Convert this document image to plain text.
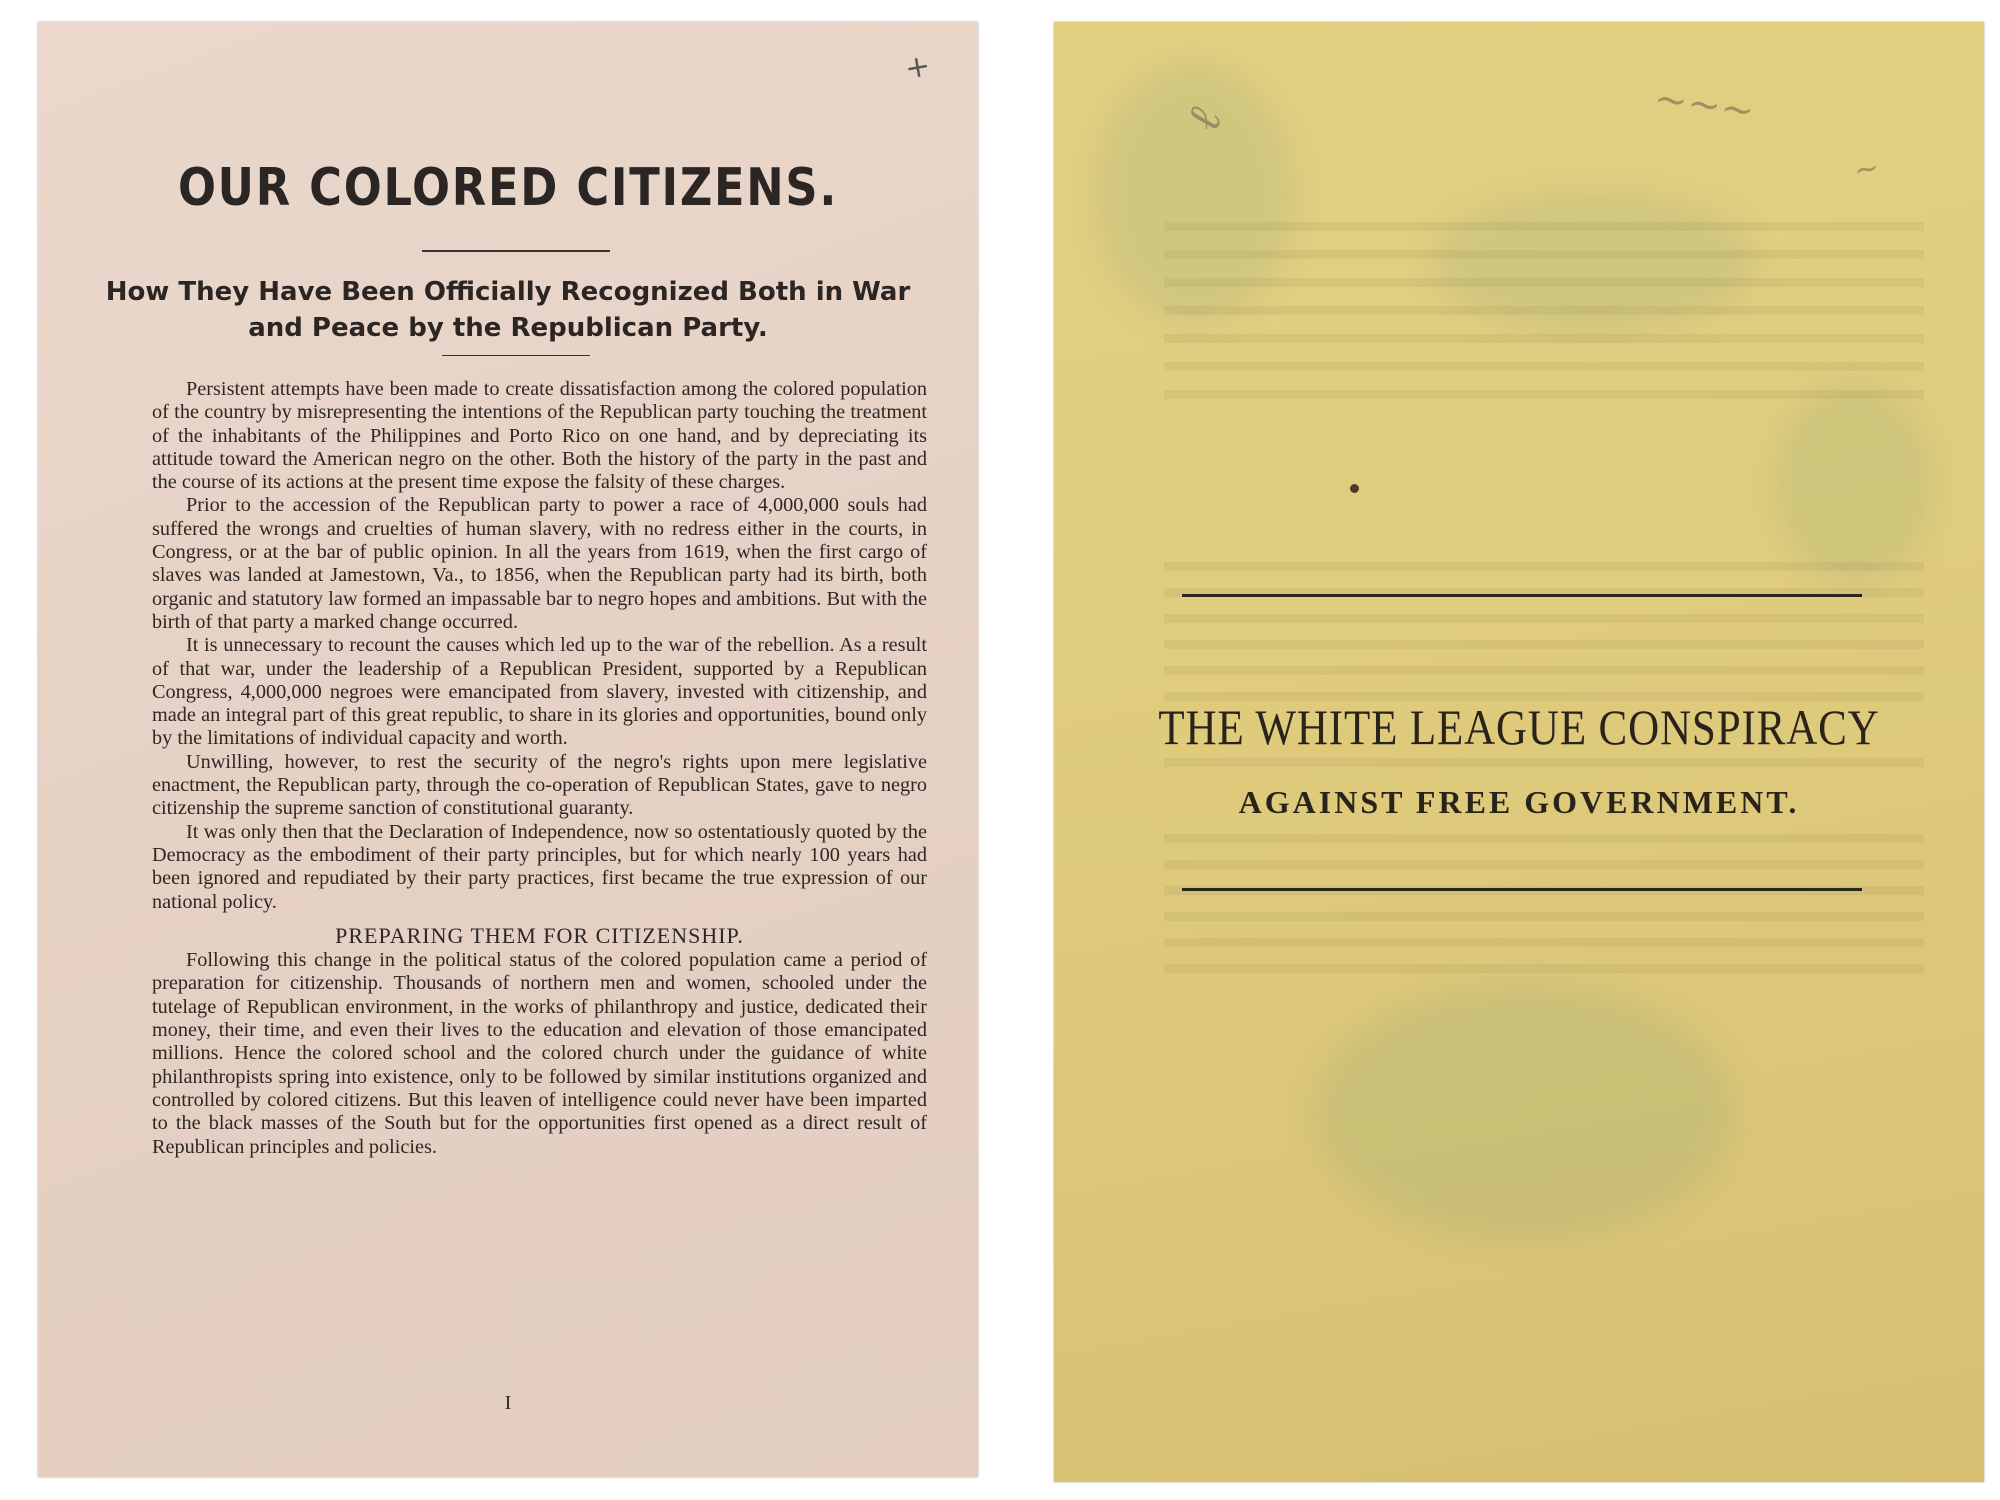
+
OUR COLORED CITIZENS.
How They Have Been Officially Recognized Both in War and Peace by the Republican Party.

Persistent attempts have been made to create dissatisfaction among the colored population of the country by misrepresenting the intentions of the Republican party touching the treatment of the inhabitants of the Philippines and Porto Rico on one hand, and by depreciating its attitude toward the American negro on the other. Both the history of the party in the past and the course of its actions at the present time expose the falsity of these charges.

Prior to the accession of the Republican party to power a race of 4,000,000 souls had suffered the wrongs and cruelties of human slavery, with no redress either in the courts, in Congress, or at the bar of public opinion. In all the years from 1619, when the first cargo of slaves was landed at Jamestown, Va., to 1856, when the Republican party had its birth, both organic and statutory law formed an impassable bar to negro hopes and ambitions. But with the birth of that party a marked change occurred.

It is unnecessary to recount the causes which led up to the war of the rebellion. As a result of that war, under the leadership of a Republican President, supported by a Republican Congress, 4,000,000 negroes were emancipated from slavery, invested with citizenship, and made an integral part of this great republic, to share in its glories and opportunities, bound only by the limitations of individual capacity and worth.

Unwilling, however, to rest the security of the negro's rights upon mere legislative enactment, the Republican party, through the co-operation of Republican States, gave to negro citizenship the supreme sanction of constitutional guaranty.

It was only then that the Declaration of Independence, now so ostentatiously quoted by the Democracy as the embodiment of their party principles, but for which nearly 100 years had been ignored and repudiated by their party practices, first became the true expression of our national policy.

PREPARING THEM FOR CITIZENSHIP.

Following this change in the political status of the colored population came a period of preparation for citizenship. Thousands of northern men and women, schooled under the tutelage of Republican environment, in the works of philanthropy and justice, dedicated their money, their time, and even their lives to the education and elevation of those emancipated millions. Hence the colored school and the colored church under the guidance of white philanthropists spring into existence, only to be followed by similar institutions organized and controlled by colored citizens. But this leaven of intelligence could never have been imparted to the black masses of the South but for the opportunities first opened as a direct result of Republican principles and policies.

I
ℓ	~~~
~
THE WHITE LEAGUE CONSPIRACY
AGAINST FREE GOVERNMENT.
